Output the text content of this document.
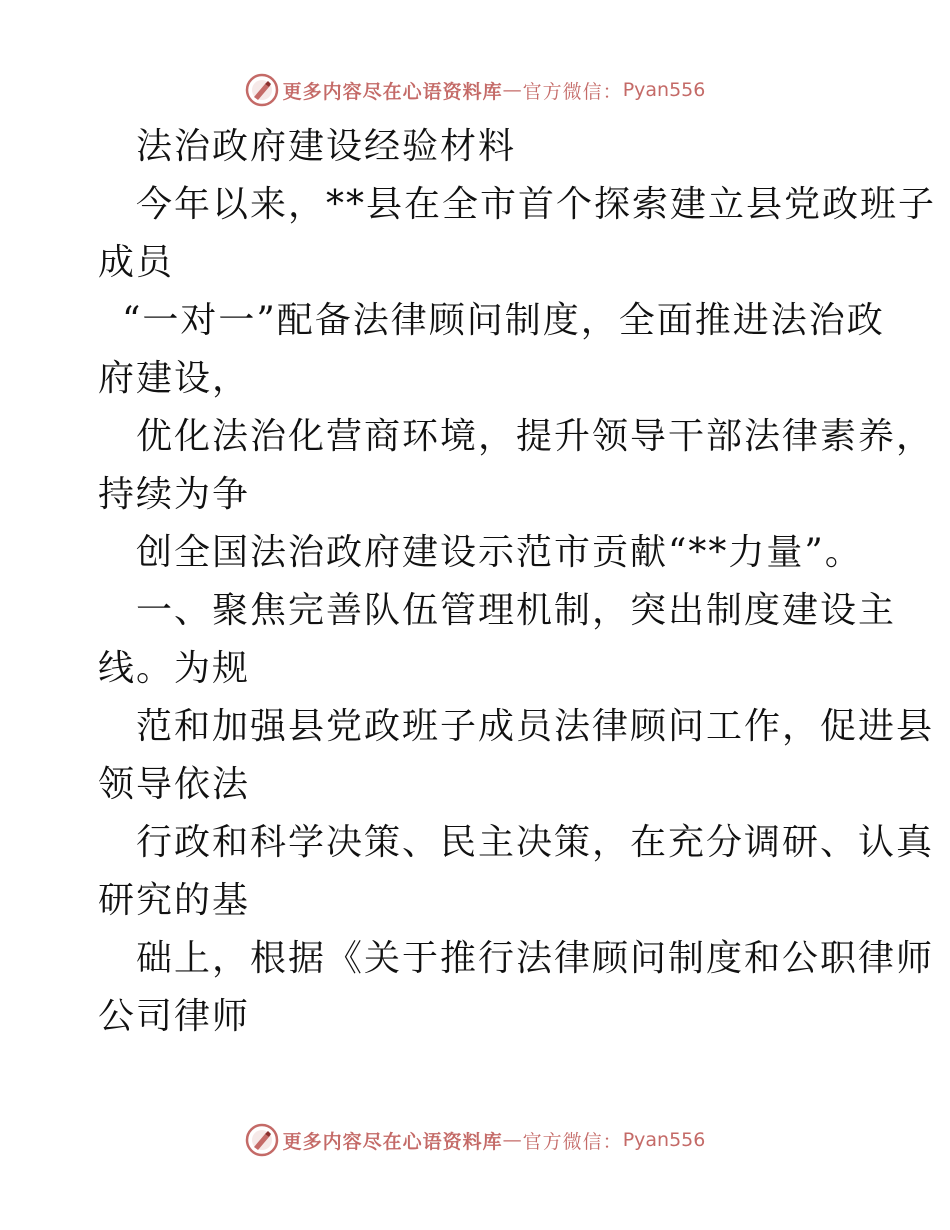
更多内容尽在心语资料库 — 官方微信： Pyan556
法治政府建设经验材料
今年以来，**县在全市首个探索建立县党政班子
成员
“一对一”配备法律顾问制度，全面推进法治政
府建设，
优化法治化营商环境，提升领导干部法律素养，
持续为争
创全国法治政府建设示范市贡献“**力量”。
一、聚焦完善队伍管理机制，突出制度建设主
线。为规
范和加强县党政班子成员法律顾问工作，促进县
领导依法
行政和科学决策、民主决策，在充分调研、认真
研究的基
础上，根据《关于推行法律顾问制度和公职律师
公司律师
更多内容尽在心语资料库 — 官方微信： Pyan556
